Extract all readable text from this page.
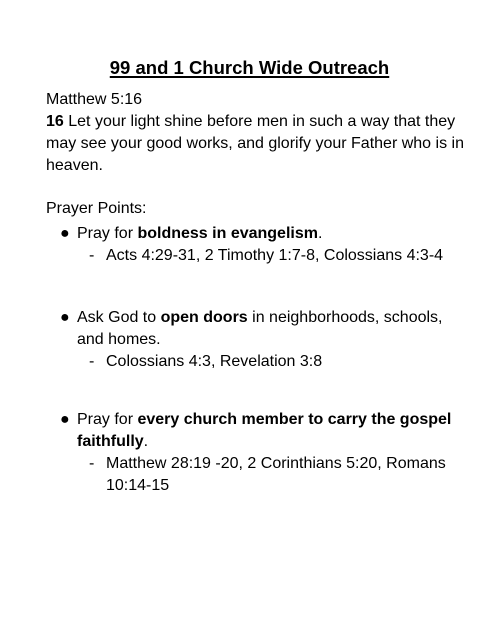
99 and 1 Church Wide Outreach
Matthew 5:16
16 Let your light shine before men in such a way that they may see your good works, and glorify your Father who is in heaven.
Prayer Points:
● Pray for boldness in evangelism.
- Acts 4:29-31, 2 Timothy 1:7-8, Colossians 4:3-4
● Ask God to open doors in neighborhoods, schools, and homes.
- Colossians 4:3, Revelation 3:8
● Pray for every church member to carry the gospel faithfully.
- Matthew 28:19 -20, 2 Corinthians 5:20, Romans 10:14-15
